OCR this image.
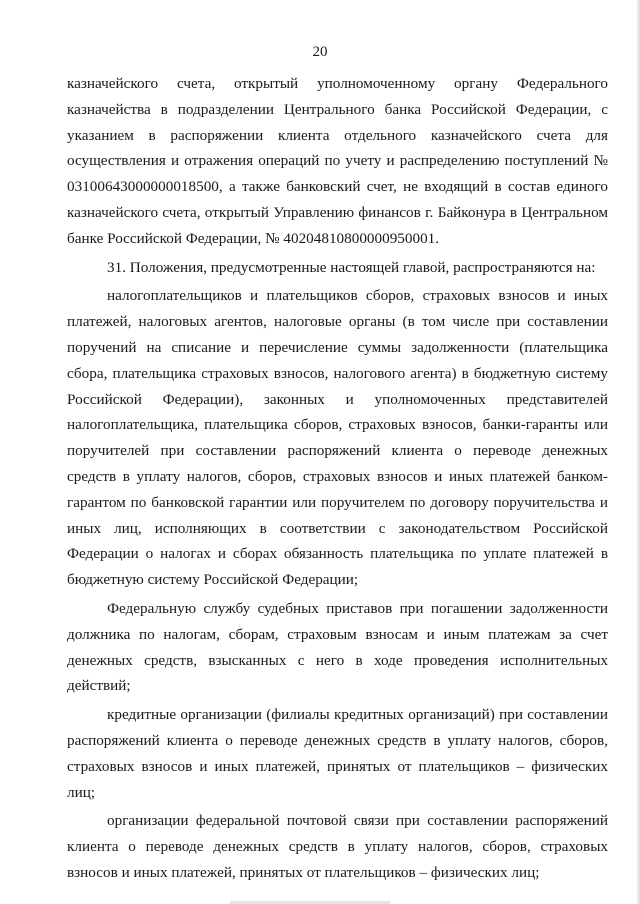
20

казначейского счета, открытый уполномоченному органу Федерального казначейства в подразделении Центрального банка Российской Федерации, с указанием в распоряжении клиента отдельного казначейского счета для осуществления и отражения операций по учету и распределению поступлений № 03100643000000018500, а также банковский счет, не входящий в состав единого казначейского счета, открытый Управлению финансов г. Байконура в Центральном банке Российской Федерации, № 40204810800000950001.

31. Положения, предусмотренные настоящей главой, распространяются на:

налогоплательщиков и плательщиков сборов, страховых взносов и иных платежей, налоговых агентов, налоговые органы (в том числе при составлении поручений на списание и перечисление суммы задолженности (плательщика сбора, плательщика страховых взносов, налогового агента) в бюджетную систему Российской Федерации), законных и уполномоченных представителей налогоплательщика, плательщика сборов, страховых взносов, банки-гаранты или поручителей при составлении распоряжений клиента о переводе денежных средств в уплату налогов, сборов, страховых взносов и иных платежей банком-гарантом по банковской гарантии или поручителем по договору поручительства и иных лиц, исполняющих в соответствии с законодательством Российской Федерации о налогах и сборах обязанность плательщика по уплате платежей в бюджетную систему Российской Федерации;

Федеральную службу судебных приставов при погашении задолженности должника по налогам, сборам, страховым взносам и иным платежам за счет денежных средств, взысканных с него в ходе проведения исполнительных действий;

кредитные организации (филиалы кредитных организаций) при составлении распоряжений клиента о переводе денежных средств в уплату налогов, сборов, страховых взносов и иных платежей, принятых от плательщиков – физических лиц;

организации федеральной почтовой связи при составлении распоряжений клиента о переводе денежных средств в уплату налогов, сборов, страховых взносов и иных платежей, принятых от плательщиков – физических лиц;
